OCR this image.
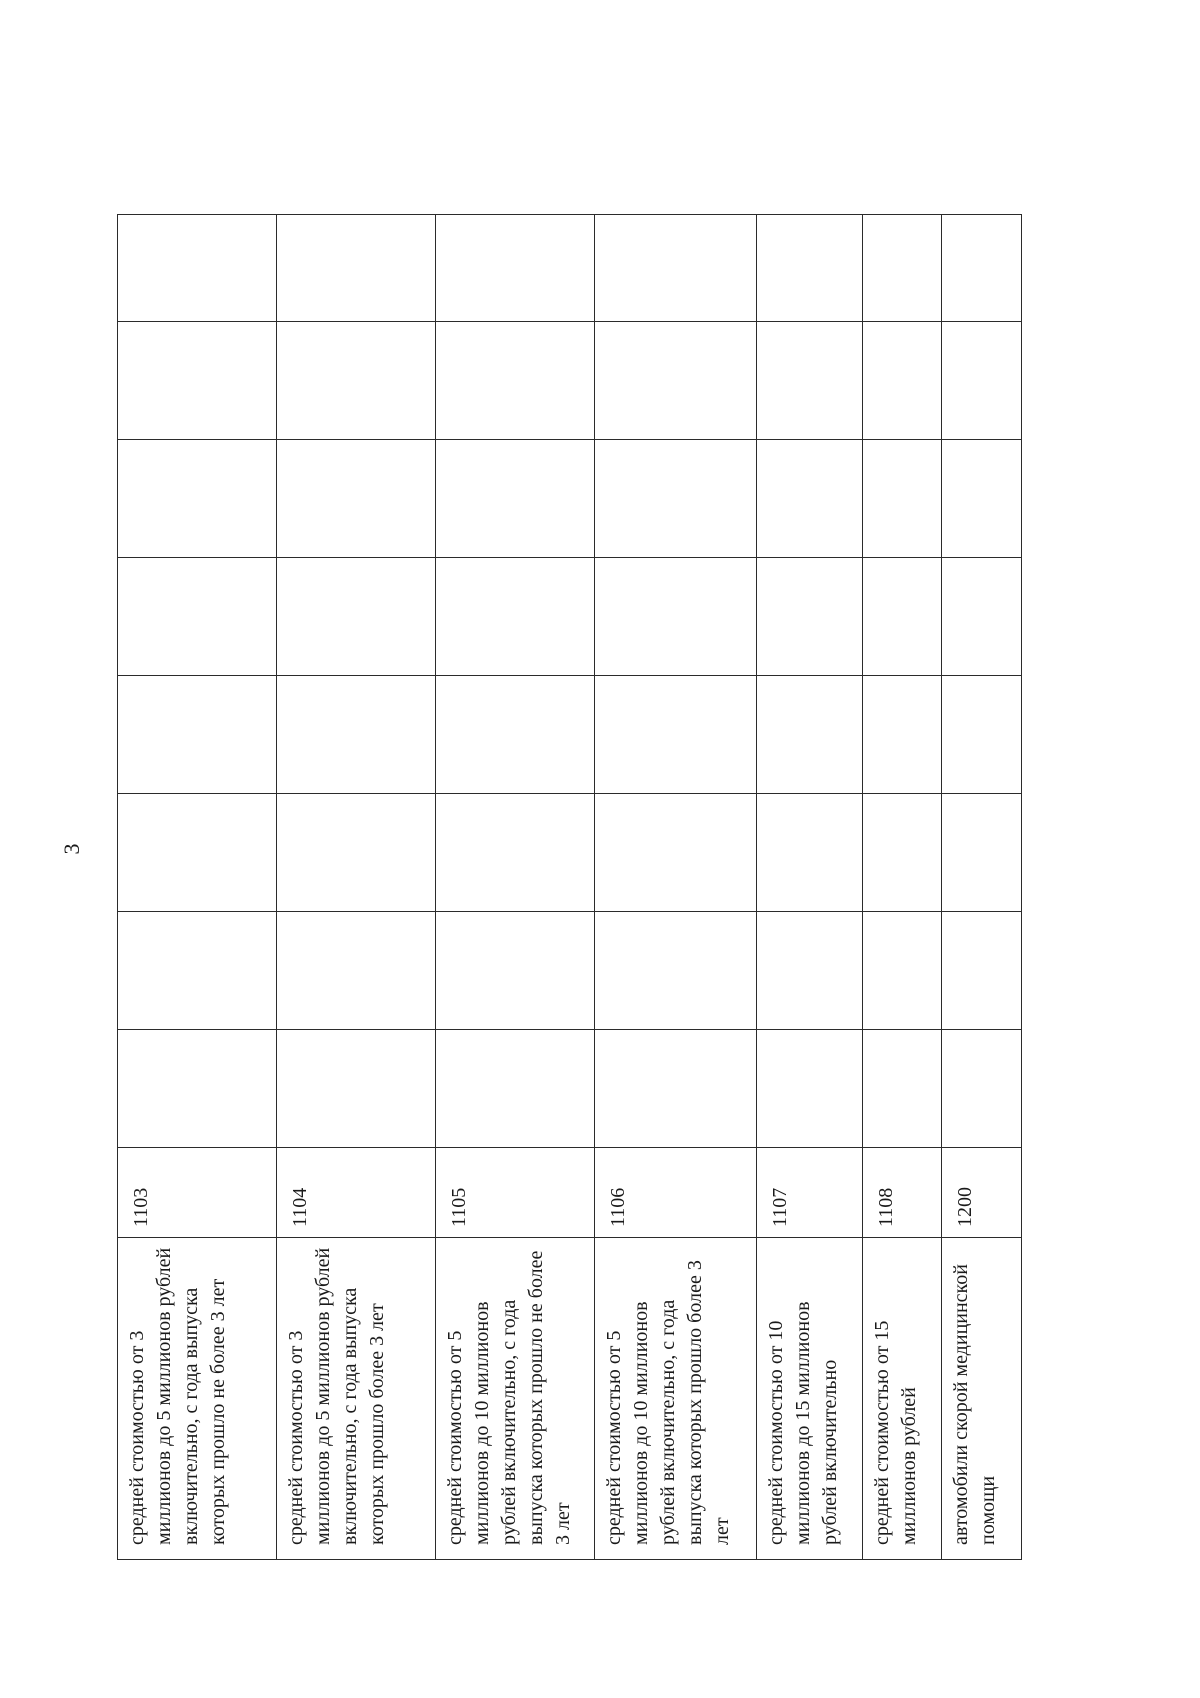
3
средней стоимостью от 3 миллионов до 5 миллионов рублей включительно, с года выпуска которых прошло не более 3 лет	1103								

средней стоимостью от 3 миллионов до 5 миллионов рублей включительно, с года выпуска которых прошло более 3 лет	1104								

средней стоимостью от 5 миллионов до 10 миллионов рублей включительно, с года выпуска которых прошло не более 3 лет	1105								

средней стоимостью от 5 миллионов до 10 миллионов рублей включительно, с года выпуска которых прошло более 3 лет	1106								

средней стоимостью от 10 миллионов до 15 миллионов рублей включительно	1107								

средней стоимостью от 15 миллионов рублей	1108								

автомобили скорой медицинской помощи	1200								
